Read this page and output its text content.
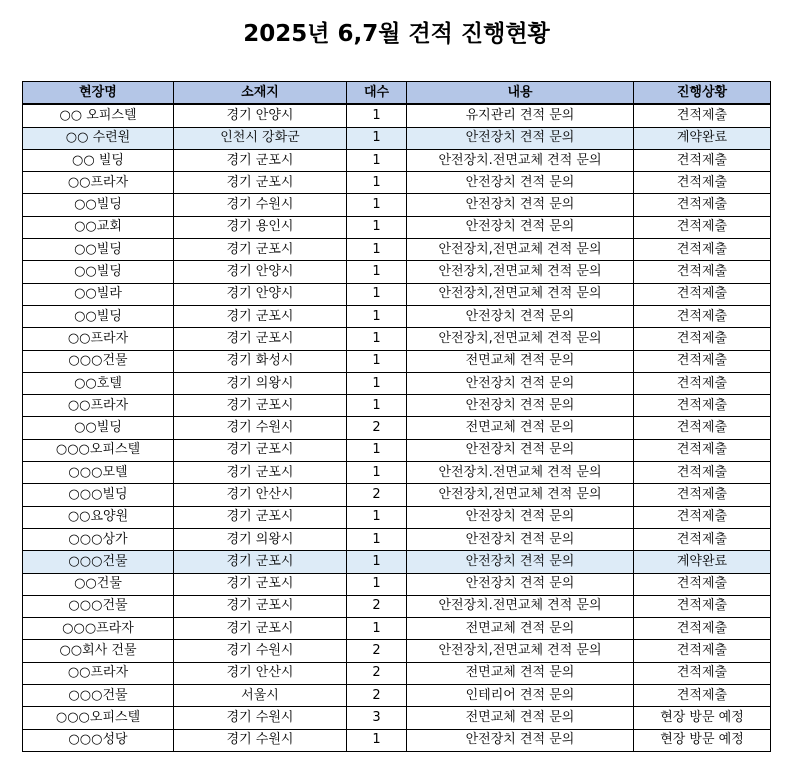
2025년 6,7월 견적 진행현황
현장명	소재지	대수	내용	진행상황
○○ 오피스텔	경기 안양시	1	유지관리 견적 문의	견적제출
○○ 수련원	인천시 강화군	1	안전장치 견적 문의	계약완료
○○ 빌딩	경기 군포시	1	안전장치.전면교체 견적 문의	견적제출
○○프라자	경기 군포시	1	안전장치 견적 문의	견적제출
○○빌딩	경기 수원시	1	안전장치 견적 문의	견적제출
○○교회	경기 용인시	1	안전장치 견적 문의	견적제출
○○빌딩	경기 군포시	1	안전장치,전면교체 견적 문의	견적제출
○○빌딩	경기 안양시	1	안전장치,전면교체 견적 문의	견적제출
○○빌라	경기 안양시	1	안전장치,전면교체 견적 문의	견적제출
○○빌딩	경기 군포시	1	안전장치 견적 문의	견적제출
○○프라자	경기 군포시	1	안전장치,전면교체 견적 문의	견적제출
○○○건물	경기 화성시	1	전면교체 견적 문의	견적제출
○○호텔	경기 의왕시	1	안전장치 견적 문의	견적제출
○○프라자	경기 군포시	1	안전장치 견적 문의	견적제출
○○빌딩	경기 수원시	2	전면교체 견적 문의	견적제출
○○○오피스텔	경기 군포시	1	안전장치 견적 문의	견적제출
○○○모텔	경기 군포시	1	안전장치.전면교체 견적 문의	견적제출
○○○빌딩	경기 안산시	2	안전장치,전면교체 견적 문의	견적제출
○○요양원	경기 군포시	1	안전장치 견적 문의	견적제출
○○○상가	경기 의왕시	1	안전장치 견적 문의	견적제출
○○○건물	경기 군포시	1	안전장치 견적 문의	계약완료
○○건물	경기 군포시	1	안전장치 견적 문의	견적제출
○○○건물	경기 군포시	2	안전장치.전면교체 견적 문의	견적제출
○○○프라자	경기 군포시	1	전면교체 견적 문의	견적제출
○○회사 건물	경기 수원시	2	안전장치,전면교체 견적 문의	견적제출
○○프라자	경기 안산시	2	전면교체 견적 문의	견적제출
○○○건물	서울시	2	인테리어 견적 문의	견적제출
○○○오피스텔	경기 수원시	3	전면교체 견적 문의	현장 방문 예정
○○○성당	경기 수원시	1	안전장치 견적 문의	현장 방문 예정
